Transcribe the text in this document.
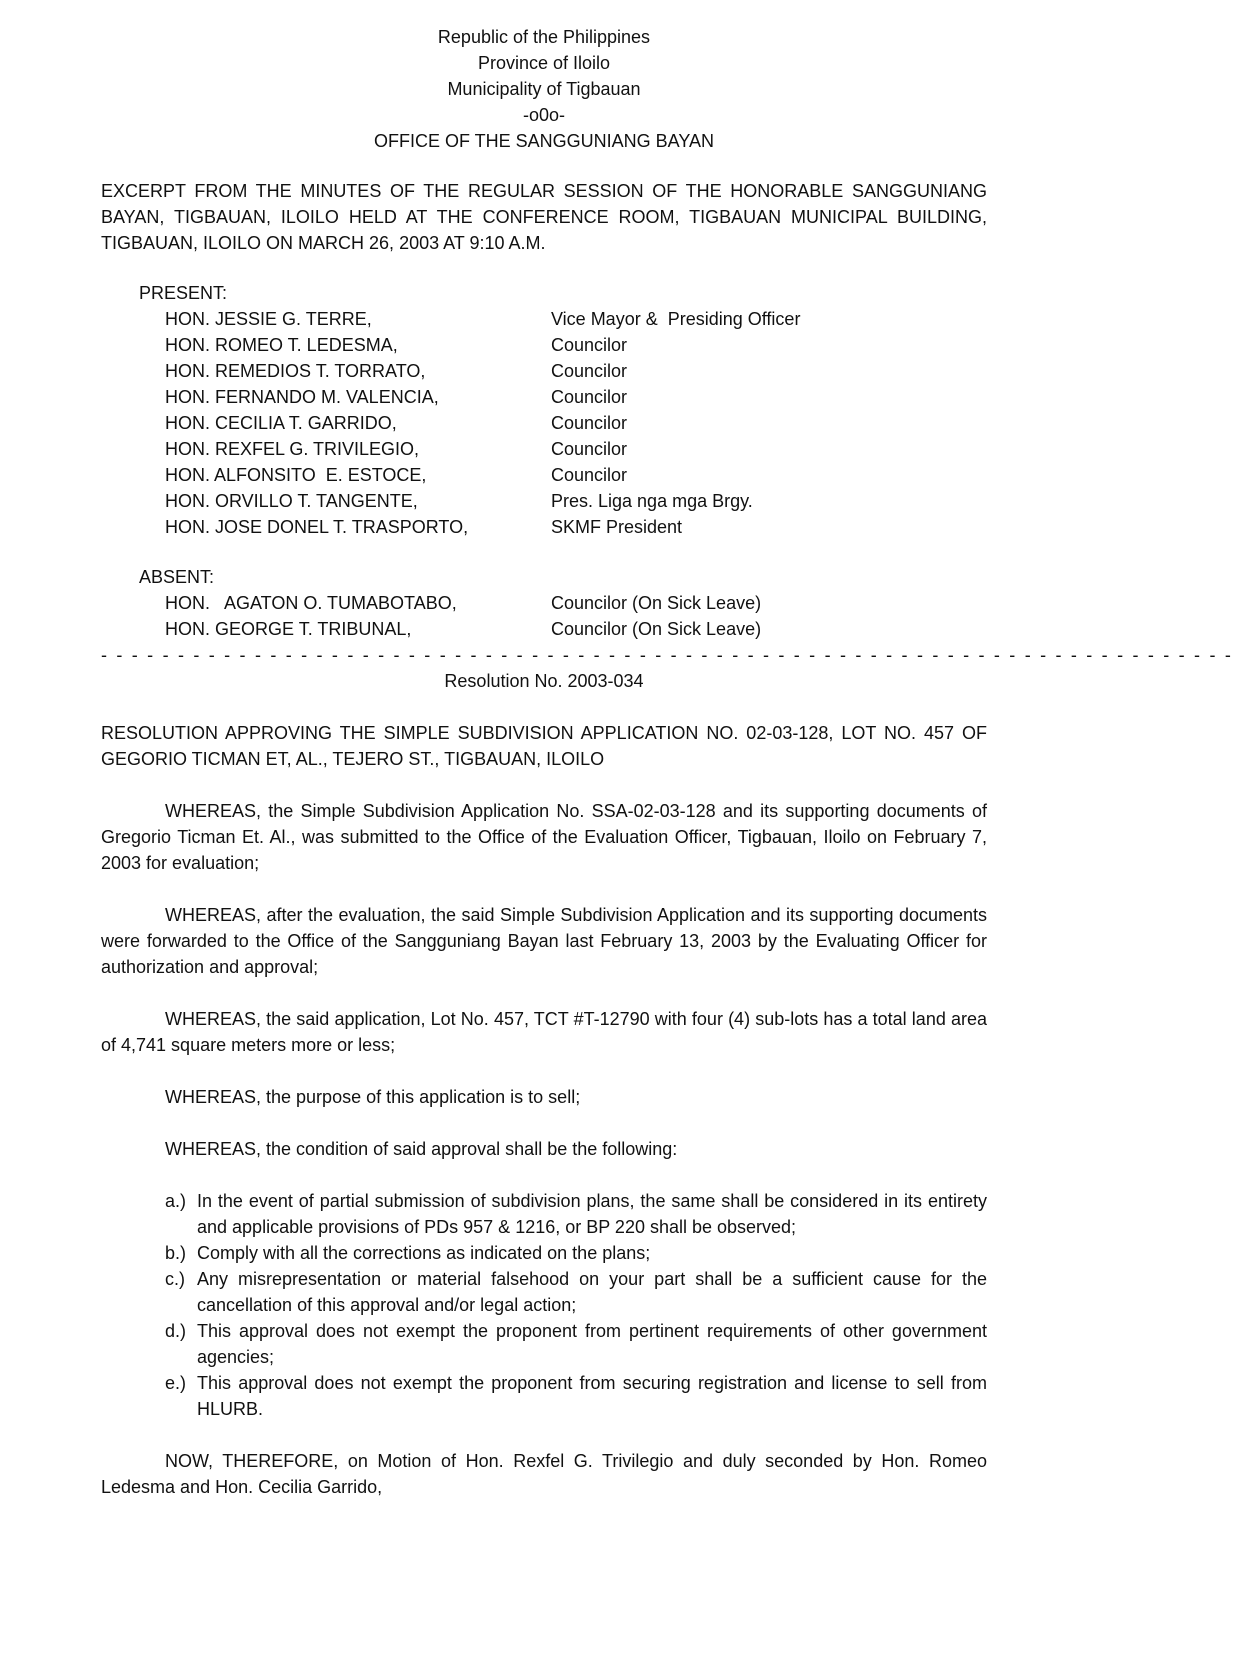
Republic of the Philippines
Province of Iloilo
Municipality of Tigbauan
-o0o-
OFFICE OF THE SANGGUNIANG BAYAN
EXCERPT FROM THE MINUTES OF THE REGULAR SESSION OF THE HONORABLE SANGGUNIANG BAYAN, TIGBAUAN, ILOILO HELD AT THE CONFERENCE ROOM, TIGBAUAN MUNICIPAL BUILDING, TIGBAUAN, ILOILO ON MARCH 26, 2003 AT 9:10 A.M.
PRESENT:
HON. JESSIE G. TERRE,	Vice Mayor &  Presiding Officer
HON. ROMEO T. LEDESMA,	Councilor
HON. REMEDIOS T. TORRATO,	Councilor
HON. FERNANDO M. VALENCIA,	Councilor
HON. CECILIA T. GARRIDO,	Councilor
HON. REXFEL G. TRIVILEGIO,	Councilor
HON. ALFONSITO  E. ESTOCE,	Councilor
HON. ORVILLO T. TANGENTE,	Pres. Liga nga mga Brgy.
HON. JOSE DONEL T. TRASPORTO,	SKMF President
ABSENT:
HON.   AGATON O. TUMABOTABO,	Councilor (On Sick Leave)
HON. GEORGE T. TRIBUNAL,	Councilor (On Sick Leave)
- - - - - - - - - - - - - - - - - - - - - - - - - - - - - - - - - - - - - - - - - - - - - - - - - - - - - - - - - - - - - - - - - - - - - - - - - -
Resolution No. 2003-034
RESOLUTION APPROVING THE SIMPLE SUBDIVISION APPLICATION NO. 02-03-128, LOT NO. 457 OF GEGORIO TICMAN ET, AL., TEJERO ST., TIGBAUAN, ILOILO
WHEREAS, the Simple Subdivision Application No. SSA-02-03-128 and its supporting documents of Gregorio Ticman Et. Al., was submitted to the Office of the Evaluation Officer, Tigbauan, Iloilo on February 7, 2003 for evaluation;
WHEREAS, after the evaluation, the said Simple Subdivision Application and its supporting documents were forwarded to the Office of the Sangguniang Bayan last February 13, 2003 by the Evaluating Officer for authorization and approval;
WHEREAS, the said application, Lot No. 457, TCT #T-12790 with four (4) sub-lots has a total land area of 4,741 square meters more or less;
WHEREAS, the purpose of this application is to sell;
WHEREAS, the condition of said approval shall be the following:
a.) In the event of partial submission of subdivision plans, the same shall be considered in its entirety and applicable provisions of PDs 957 & 1216, or BP 220 shall be observed;
b.) Comply with all the corrections as indicated on the plans;
c.) Any misrepresentation or material falsehood on your part shall be a sufficient cause for the cancellation of this approval and/or legal action;
d.) This approval does not exempt the proponent from pertinent requirements of other government agencies;
e.) This approval does not exempt the proponent from securing registration and license to sell from HLURB.
NOW, THEREFORE, on Motion of Hon. Rexfel G. Trivilegio and duly seconded by Hon. Romeo Ledesma and Hon. Cecilia Garrido,
